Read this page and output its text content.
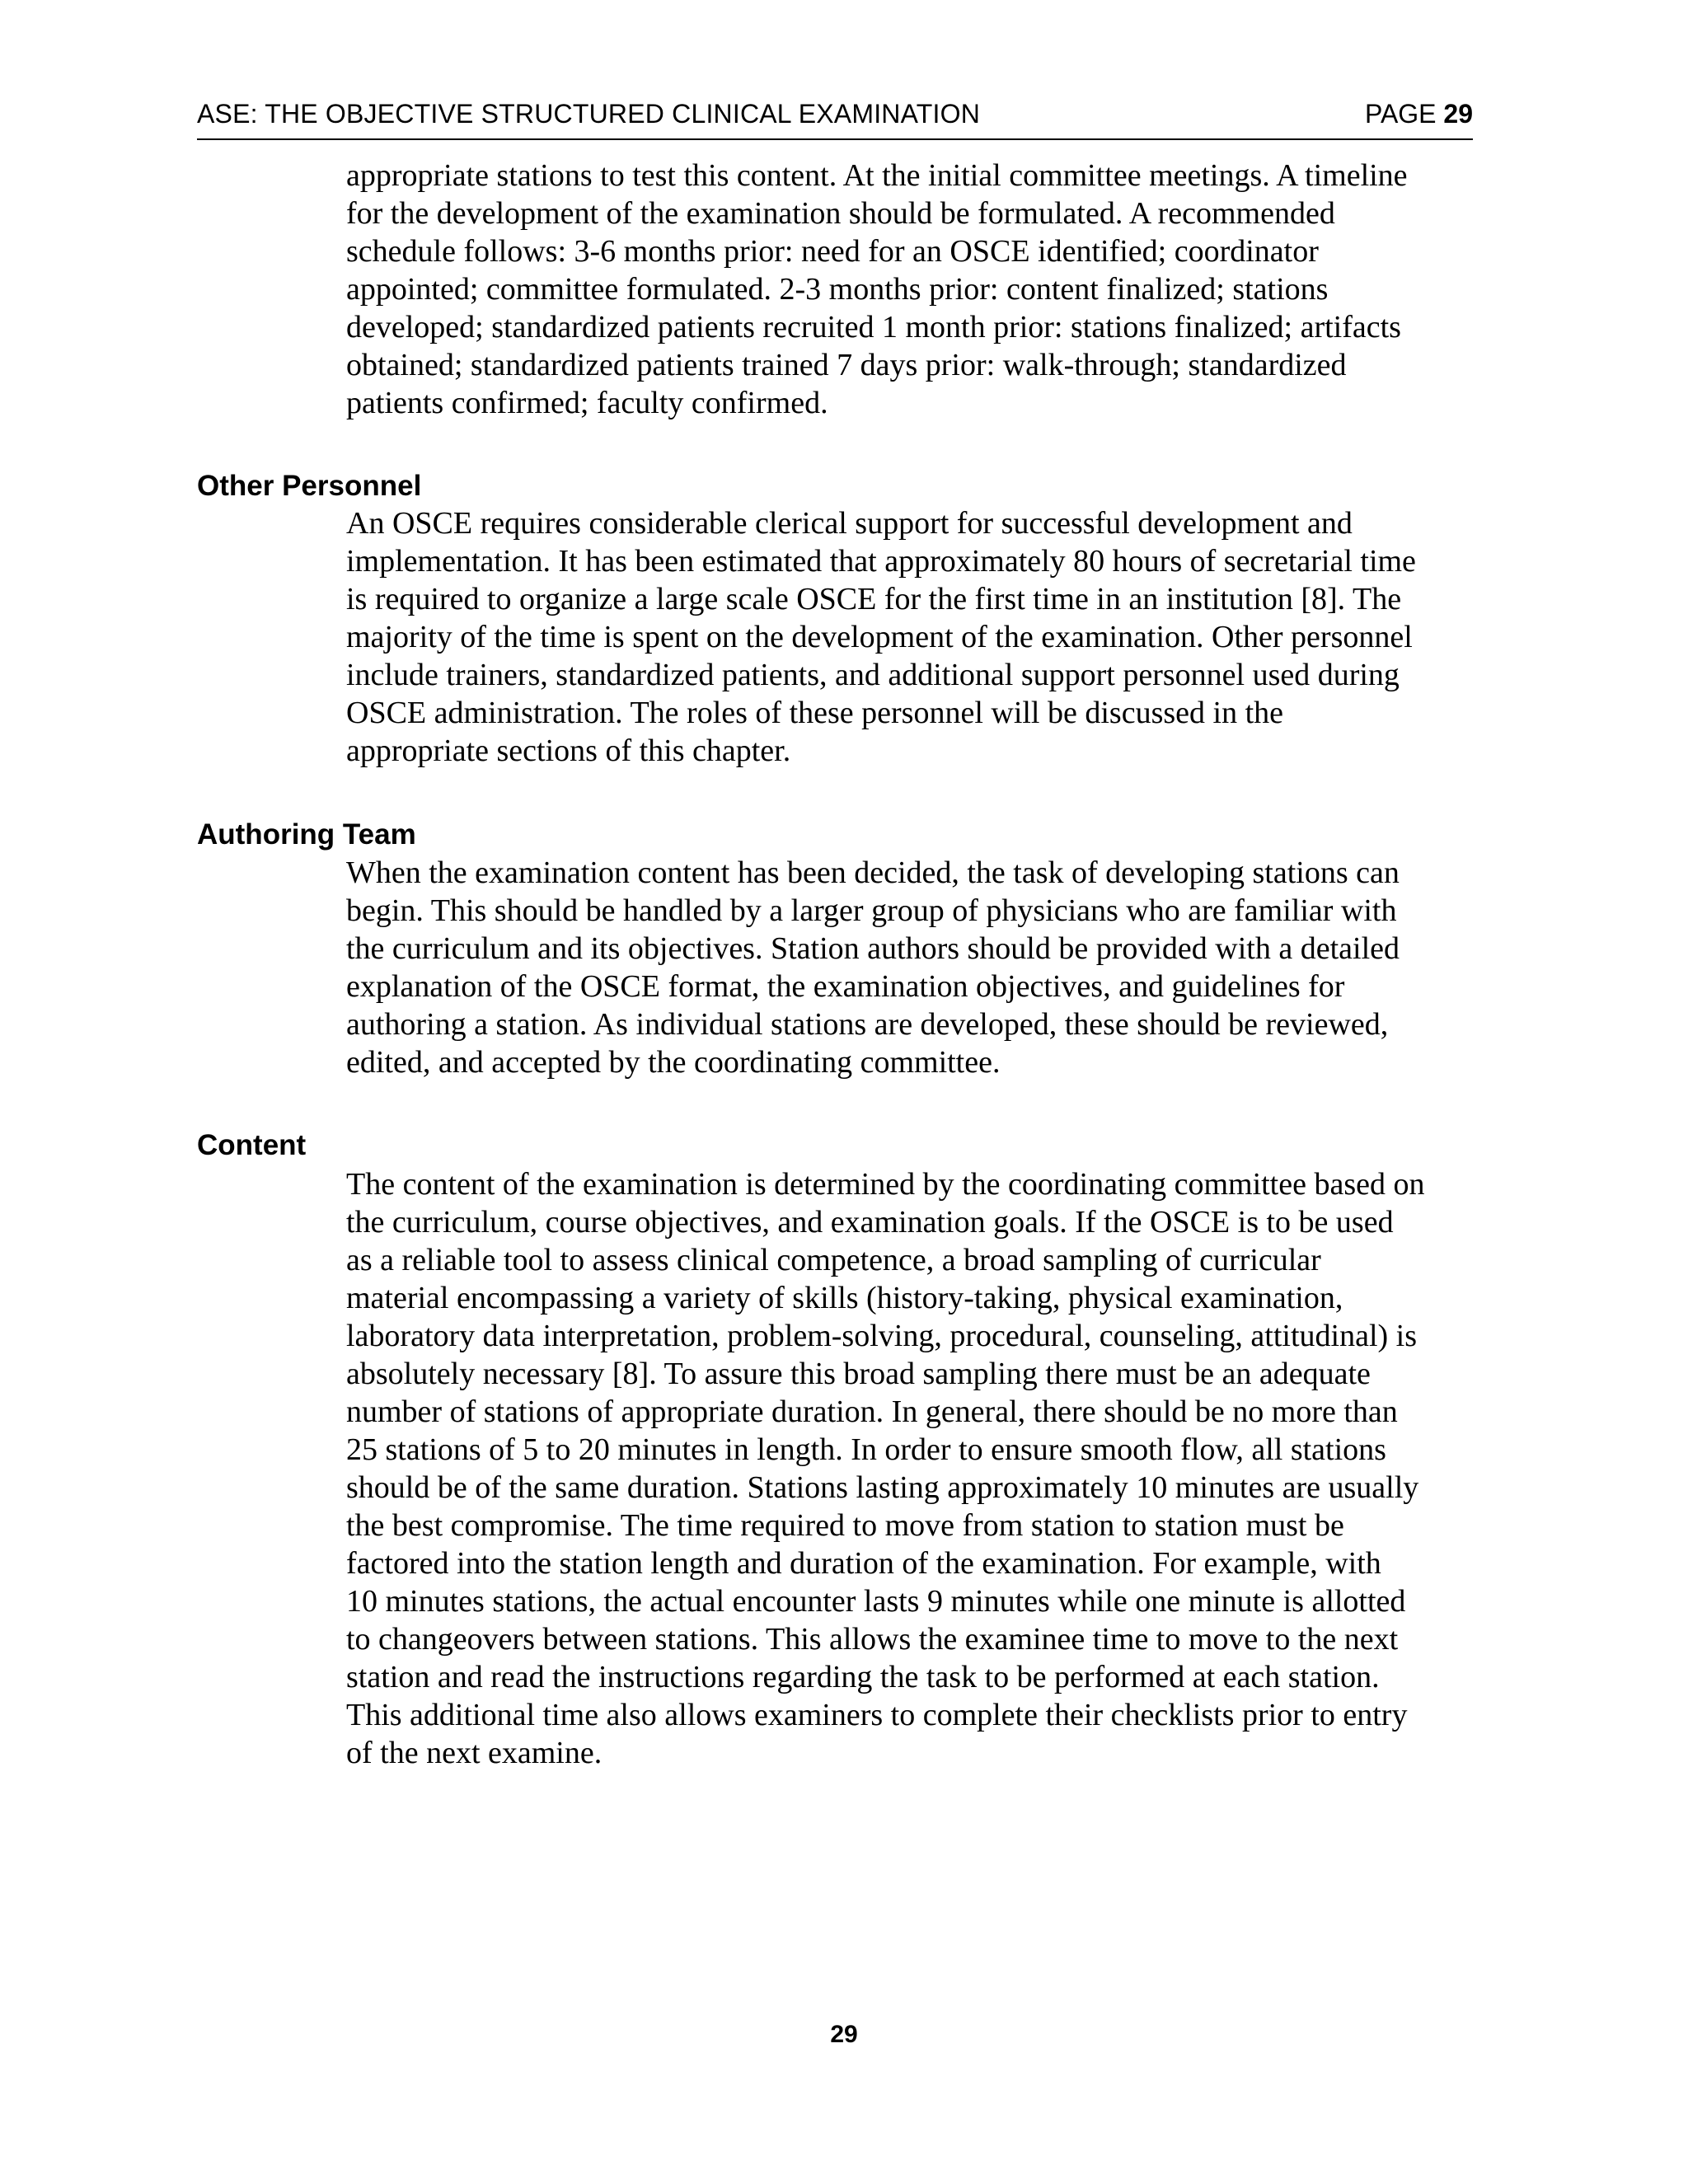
ASE: THE OBJECTIVE STRUCTURED CLINICAL EXAMINATION	PAGE 29
appropriate stations to test this content. At the initial committee meetings. A timeline
for the development of the examination should be formulated. A recommended
schedule follows: 3-6 months prior: need for an OSCE identified; coordinator
appointed; committee formulated. 2-3 months prior: content finalized; stations
developed; standardized patients recruited 1 month prior: stations finalized; artifacts
obtained; standardized patients trained 7 days prior: walk-through; standardized
patients confirmed; faculty confirmed.
Other Personnel
An OSCE requires considerable clerical support for successful development and
implementation. It has been estimated that approximately 80 hours of secretarial time
is required to organize a large scale OSCE for the first time in an institution [8]. The
majority of the time is spent on the development of the examination. Other personnel
include trainers, standardized patients, and additional support personnel used during
OSCE administration. The roles of these personnel will be discussed in the
appropriate sections of this chapter.
Authoring Team
When the examination content has been decided, the task of developing stations can
begin. This should be handled by a larger group of physicians who are familiar with
the curriculum and its objectives. Station authors should be provided with a detailed
explanation of the OSCE format, the examination objectives, and guidelines for
authoring a station. As individual stations are developed, these should be reviewed,
edited, and accepted by the coordinating committee.
Content
The content of the examination is determined by the coordinating committee based on
the curriculum, course objectives, and examination goals. If the OSCE is to be used
as a reliable tool to assess clinical competence, a broad sampling of curricular
material encompassing a variety of skills (history-taking, physical examination,
laboratory data interpretation, problem-solving, procedural, counseling, attitudinal) is
absolutely necessary [8]. To assure this broad sampling there must be an adequate
number of stations of appropriate duration. In general, there should be no more than
25 stations of 5 to 20 minutes in length. In order to ensure smooth flow, all stations
should be of the same duration. Stations lasting approximately 10 minutes are usually
the best compromise. The time required to move from station to station must be
factored into the station length and duration of the examination. For example, with
10 minutes stations, the actual encounter lasts 9 minutes while one minute is allotted
to changeovers between stations. This allows the examinee time to move to the next
station and read the instructions regarding the task to be performed at each station.
This additional time also allows examiners to complete their checklists prior to entry
of the next examine.
29
